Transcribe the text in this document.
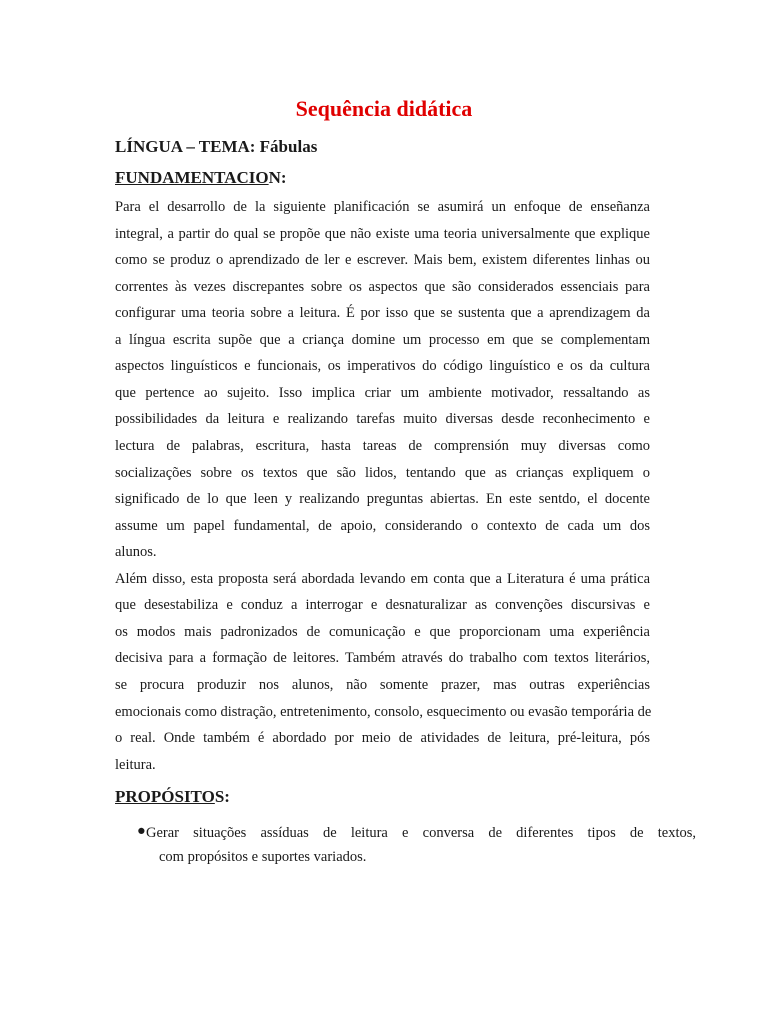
Sequência didática
LÍNGUA – TEMA: Fábulas
FUNDAMENTACION:
Para el desarrollo de la siguiente planificación se asumirá un enfoque de enseñanza
integral, a partir do qual se propõe que não existe uma teoria universalmente que explique
como se produz o aprendizado de ler e escrever. Mais bem, existem diferentes linhas ou
correntes às vezes discrepantes sobre os aspectos que são considerados essenciais para
configurar uma teoria sobre a leitura. É por isso que se sustenta que a aprendizagem da
a língua escrita supõe que a criança domine um processo em que se complementam
aspectos linguísticos e funcionais, os imperativos do código linguístico e os da cultura
que pertence ao sujeito. Isso implica criar um ambiente motivador, ressaltando as
possibilidades da leitura e realizando tarefas muito diversas desde reconhecimento e
lectura de palabras, escritura, hasta tareas de comprensión muy diversas como
socializações sobre os textos que são lidos, tentando que as crianças expliquem o
significado de lo que leen y realizando preguntas abiertas. En este sentdo, el docente
assume um papel fundamental, de apoio, considerando o contexto de cada um dos
alunos.
Além disso, esta proposta será abordada levando em conta que a Literatura é uma prática
que desestabiliza e conduz a interrogar e desnaturalizar as convenções discursivas e
os modos mais padronizados de comunicação e que proporcionam uma experiência
decisiva para a formação de leitores. Também através do trabalho com textos literários,
se procura produzir nos alunos, não somente prazer, mas outras experiências
emocionais como distração, entretenimento, consolo, esquecimento ou evasão temporária de
o real. Onde também é abordado por meio de atividades de leitura, pré-leitura, pós
leitura.
PROPÓSITOS:
● Gerar situações assíduas de leitura e conversa de diferentes tipos de textos,
com propósitos e suportes variados.
